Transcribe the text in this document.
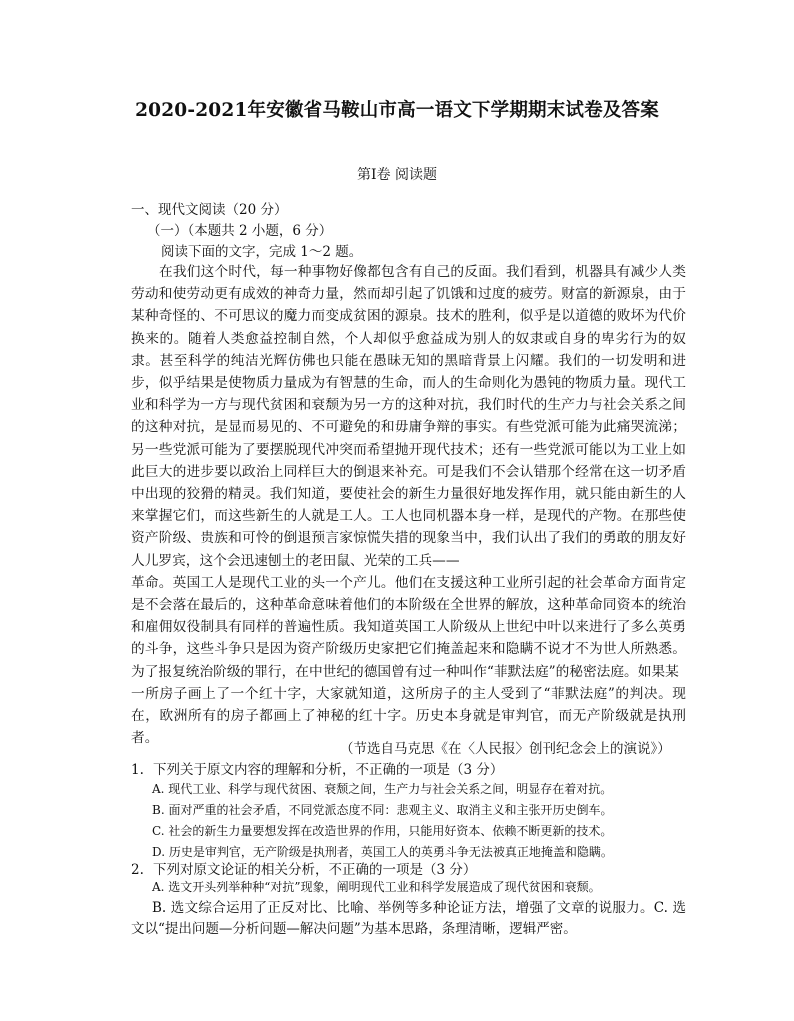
2020-2021年安徽省马鞍山市高一语文下学期期末试卷及答案
第Ⅰ卷 阅读题
一、现代文阅读（20 分）
（一）（本题共 2 小题，6 分）
阅读下面的文字，完成 1～2 题。

在我们这个时代，每一种事物好像都包含有自己的反面。我们看到，机器具有减少人类劳动和使劳动更有成效的神奇力量，然而却引起了饥饿和过度的疲劳。财富的新源泉，由于某种奇怪的、不可思议的魔力而变成贫困的源泉。技术的胜利，似乎是以道德的败坏为代价换来的。随着人类愈益控制自然，个人却似乎愈益成为别人的奴隶或自身的卑劣行为的奴隶。甚至科学的纯洁光辉仿佛也只能在愚昧无知的黑暗背景上闪耀。我们的一切发明和进步，似乎结果是使物质力量成为有智慧的生命，而人的生命则化为愚钝的物质力量。现代工业和科学为一方与现代贫困和衰颓为另一方的这种对抗，我们时代的生产力与社会关系之间的这种对抗，是显而易见的、不可避免的和毋庸争辩的事实。有些党派可能为此痛哭流涕；另一些党派可能为了要摆脱现代冲突而希望抛开现代技术；还有一些党派可能以为工业上如此巨大的进步要以政治上同样巨大的倒退来补充。可是我们不会认错那个经常在这一切矛盾中出现的狡猾的精灵。我们知道，要使社会的新生力量很好地发挥作用，就只能由新生的人来掌握它们，而这些新生的人就是工人。工人也同机器本身一样，是现代的产物。在那些使资产阶级、贵族和可怜的倒退预言家惊慌失措的现象当中，我们认出了我们的勇敢的朋友好人儿罗宾，这个会迅速刨土的老田鼠、光荣的工兵——

革命。英国工人是现代工业的头一个产儿。他们在支援这种工业所引起的社会革命方面肯定是不会落在最后的，这种革命意味着他们的本阶级在全世界的解放，这种革命同资本的统治和雇佣奴役制具有同样的普遍性质。我知道英国工人阶级从上世纪中叶以来进行了多么英勇的斗争，这些斗争只是因为资产阶级历史家把它们掩盖起来和隐瞒不说才不为世人所熟悉。为了报复统治阶级的罪行，在中世纪的德国曾有过一种叫作“菲默法庭”的秘密法庭。如果某

一所房子画上了一个红十字，大家就知道，这所房子的主人受到了“菲默法庭”的判决。现在，欧洲所有的房子都画上了神秘的红十字。历史本身就是审判官，而无产阶级就是执刑者。

（节选自马克思《在〈人民报〉创刊纪念会上的演说》）
1. 下列关于原文内容的理解和分析，不正确的一项是（3 分）
A. 现代工业、科学与现代贫困、衰颓之间，生产力与社会关系之间，明显存在着对抗。
B. 面对严重的社会矛盾，不同党派态度不同：悲观主义、取消主义和主张开历史倒车。
C. 社会的新生力量要想发挥在改造世界的作用，只能用好资本、依赖不断更新的技术。
D. 历史是审判官，无产阶级是执刑者，英国工人的英勇斗争无法被真正地掩盖和隐瞒。
2. 下列对原文论证的相关分析，不正确的一项是（3 分）
A. 选文开头列举种种“对抗”现象，阐明现代工业和科学发展造成了现代贫困和衰颓。
B. 选文综合运用了正反对比、比喻、举例等多种论证方法，增强了文章的说服力。C. 选文以“提出问题—分析问题—解决问题”为基本思路，条理清晰，逻辑严密。
